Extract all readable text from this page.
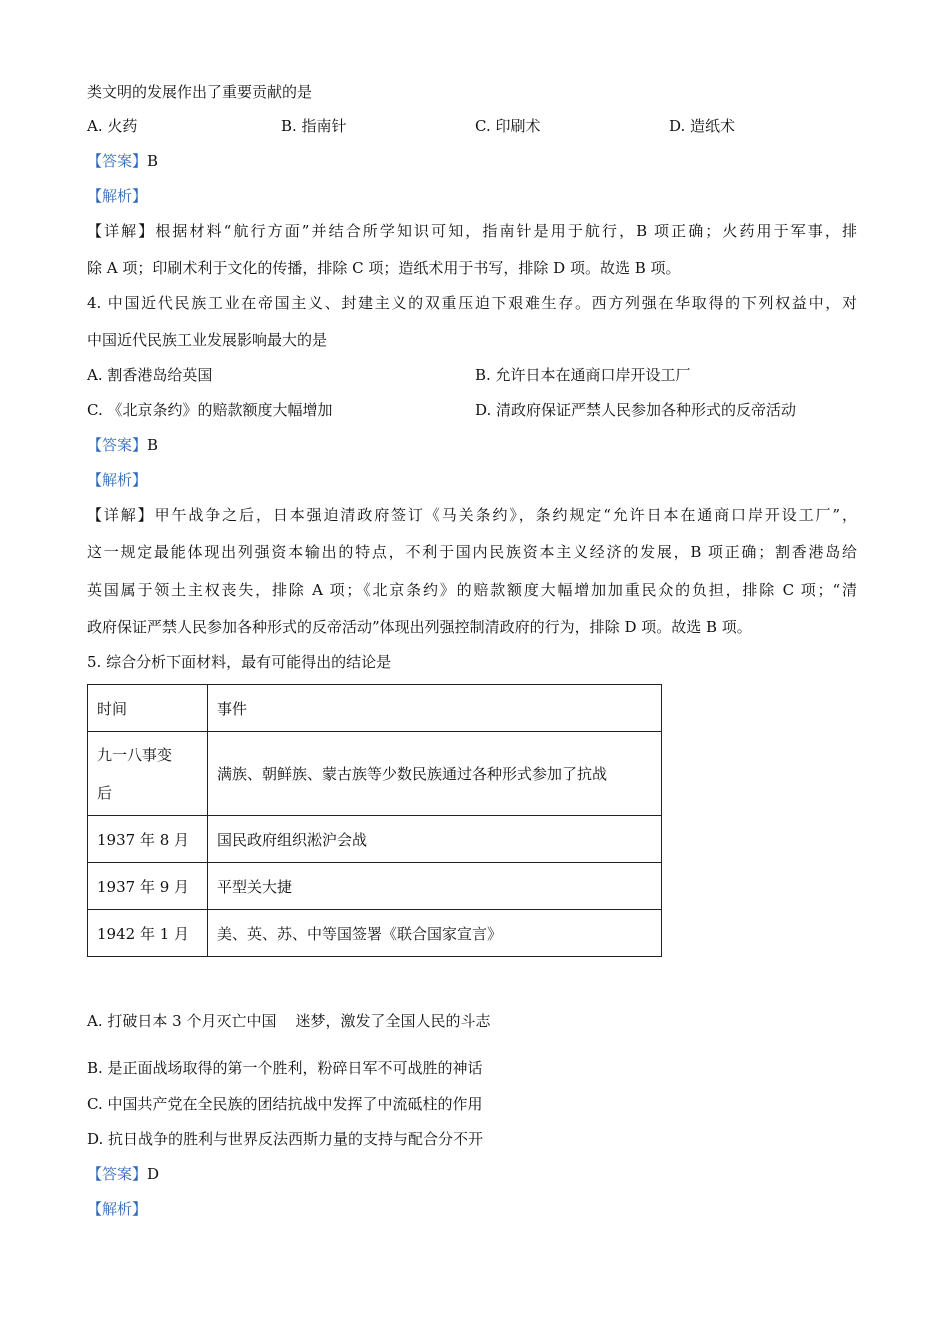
类文明的发展作出了重要贡献的是
A. 火药	B. 指南针	C. 印刷术	D. 造纸术
【答案】B
【解析】
【详解】根据材料“航行方面”并结合所学知识可知，指南针是用于航行，B 项正确；火药用于军事，排
除 A 项；印刷术利于文化的传播，排除 C 项；造纸术用于书写，排除 D 项。故选 B 项。
4. 中国近代民族工业在帝国主义、封建主义的双重压迫下艰难生存。西方列强在华取得的下列权益中，对
中国近代民族工业发展影响最大的是
A. 割香港岛给英国	B. 允许日本在通商口岸开设工厂
C. 《北京条约》的赔款额度大幅增加	D. 清政府保证严禁人民参加各种形式的反帝活动
【答案】B
【解析】
【详解】甲午战争之后，日本强迫清政府签订《马关条约》，条约规定“允许日本在通商口岸开设工厂”，
这一规定最能体现出列强资本输出的特点，不利于国内民族资本主义经济的发展，B 项正确；割香港岛给
英国属于领土主权丧失，排除 A 项；《北京条约》的赔款额度大幅增加加重民众的负担，排除 C 项；“清
政府保证严禁人民参加各种形式的反帝活动”体现出列强控制清政府的行为，排除 D 项。故选 B 项。
5. 综合分析下面材料，最有可能得出的结论是
时间	事件
九一八事变
后	满族、朝鲜族、蒙古族等少数民族通过各种形式参加了抗战
1937 年 8 月	国民政府组织淞沪会战
1937 年 9 月	平型关大捷
1942 年 1 月	美、英、苏、中等国签署《联合国家宣言》
A. 打破日本 3 个月灭亡中国    迷梦，激发了全国人民的斗志
B. 是正面战场取得的第一个胜利，粉碎日军不可战胜的神话
C. 中国共产党在全民族的团结抗战中发挥了中流砥柱的作用
D. 抗日战争的胜利与世界反法西斯力量的支持与配合分不开
【答案】D
【解析】
